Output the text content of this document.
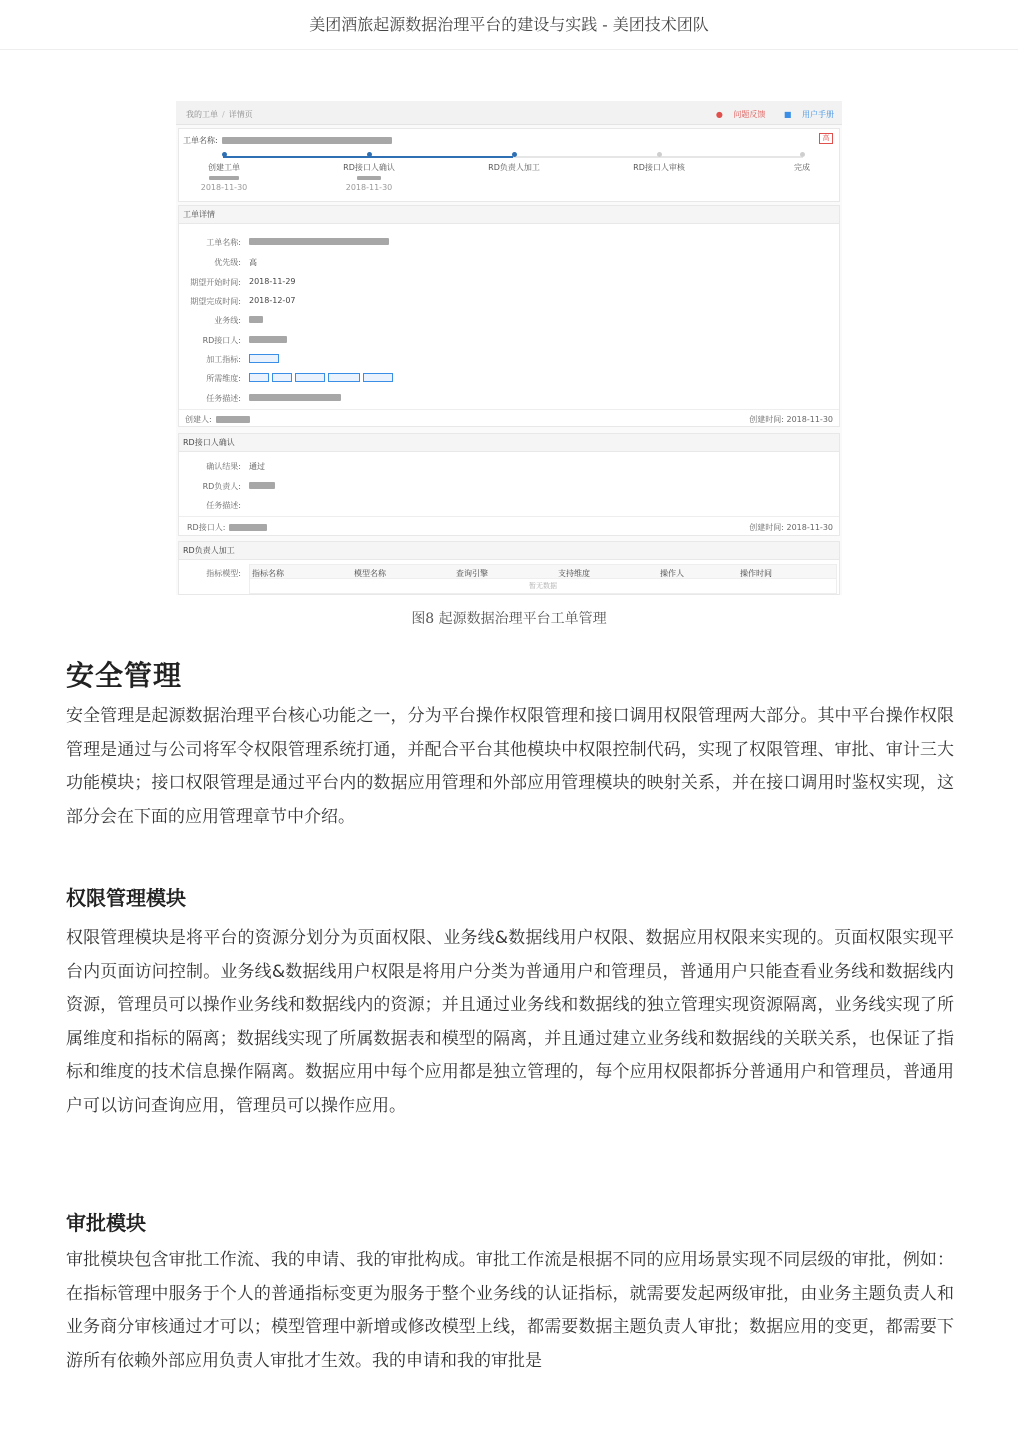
美团酒旅起源数据治理平台的建设与实践 - 美团技术团队
我的工单 / 详情页	● 问题反馈 ■ 用户手册
工单名称:	高
创建工单
2018-11-30
RD接口人确认
2018-11-30
RD负责人加工	RD接口人审核	完成
工单详情
工单名称:
优先级: 高
期望开始时间: 2018-11-29
期望完成时间: 2018-12-07
业务线:
RD接口人:
加工指标:
所需维度:
任务描述:
创建人:	创建时间: 2018-11-30
RD接口人确认
确认结果: 通过
RD负责人:
任务描述:
RD接口人:	创建时间: 2018-11-30
RD负责人加工
指标模型: 指标名称	模型名称	查询引擎	支持维度	操作人	操作时间
暂无数据
图8 起源数据治理平台工单管理
安全管理

安全管理是起源数据治理平台核心功能之一，分为平台操作权限管理和接口调用权限管理两大部分。其中平台操作权限管理是通过与公司将军令权限管理系统打通，并配合平台其他模块中权限控制代码，实现了权限管理、审批、审计三大功能模块；接口权限管理是通过平台内的数据应用管理和外部应用管理模块的映射关系，并在接口调用时鉴权实现，这部分会在下面的应用管理章节中介绍。

权限管理模块

权限管理模块是将平台的资源分划分为页面权限、业务线&数据线用户权限、数据应用权限来实现的。页面权限实现平台内页面访问控制。业务线&数据线用户权限是将用户分类为普通用户和管理员，普通用户只能查看业务线和数据线内资源，管理员可以操作业务线和数据线内的资源；并且通过业务线和数据线的独立管理实现资源隔离，业务线实现了所属维度和指标的隔离；数据线实现了所属数据表和模型的隔离，并且通过建立业务线和数据线的关联关系，也保证了指标和维度的技术信息操作隔离。数据应用中每个应用都是独立管理的，每个应用权限都拆分普通用户和管理员，普通用户可以访问查询应用，管理员可以操作应用。

审批模块

审批模块包含审批工作流、我的申请、我的审批构成。审批工作流是根据不同的应用场景实现不同层级的审批，例如：在指标管理中服务于个人的普通指标变更为服务于整个业务线的认证指标，就需要发起两级审批，由业务主题负责人和业务商分审核通过才可以；模型管理中新增或修改模型上线，都需要数据主题负责人审批；数据应用的变更，都需要下游所有依赖外部应用负责人审批才生效。我的申请和我的审批是
